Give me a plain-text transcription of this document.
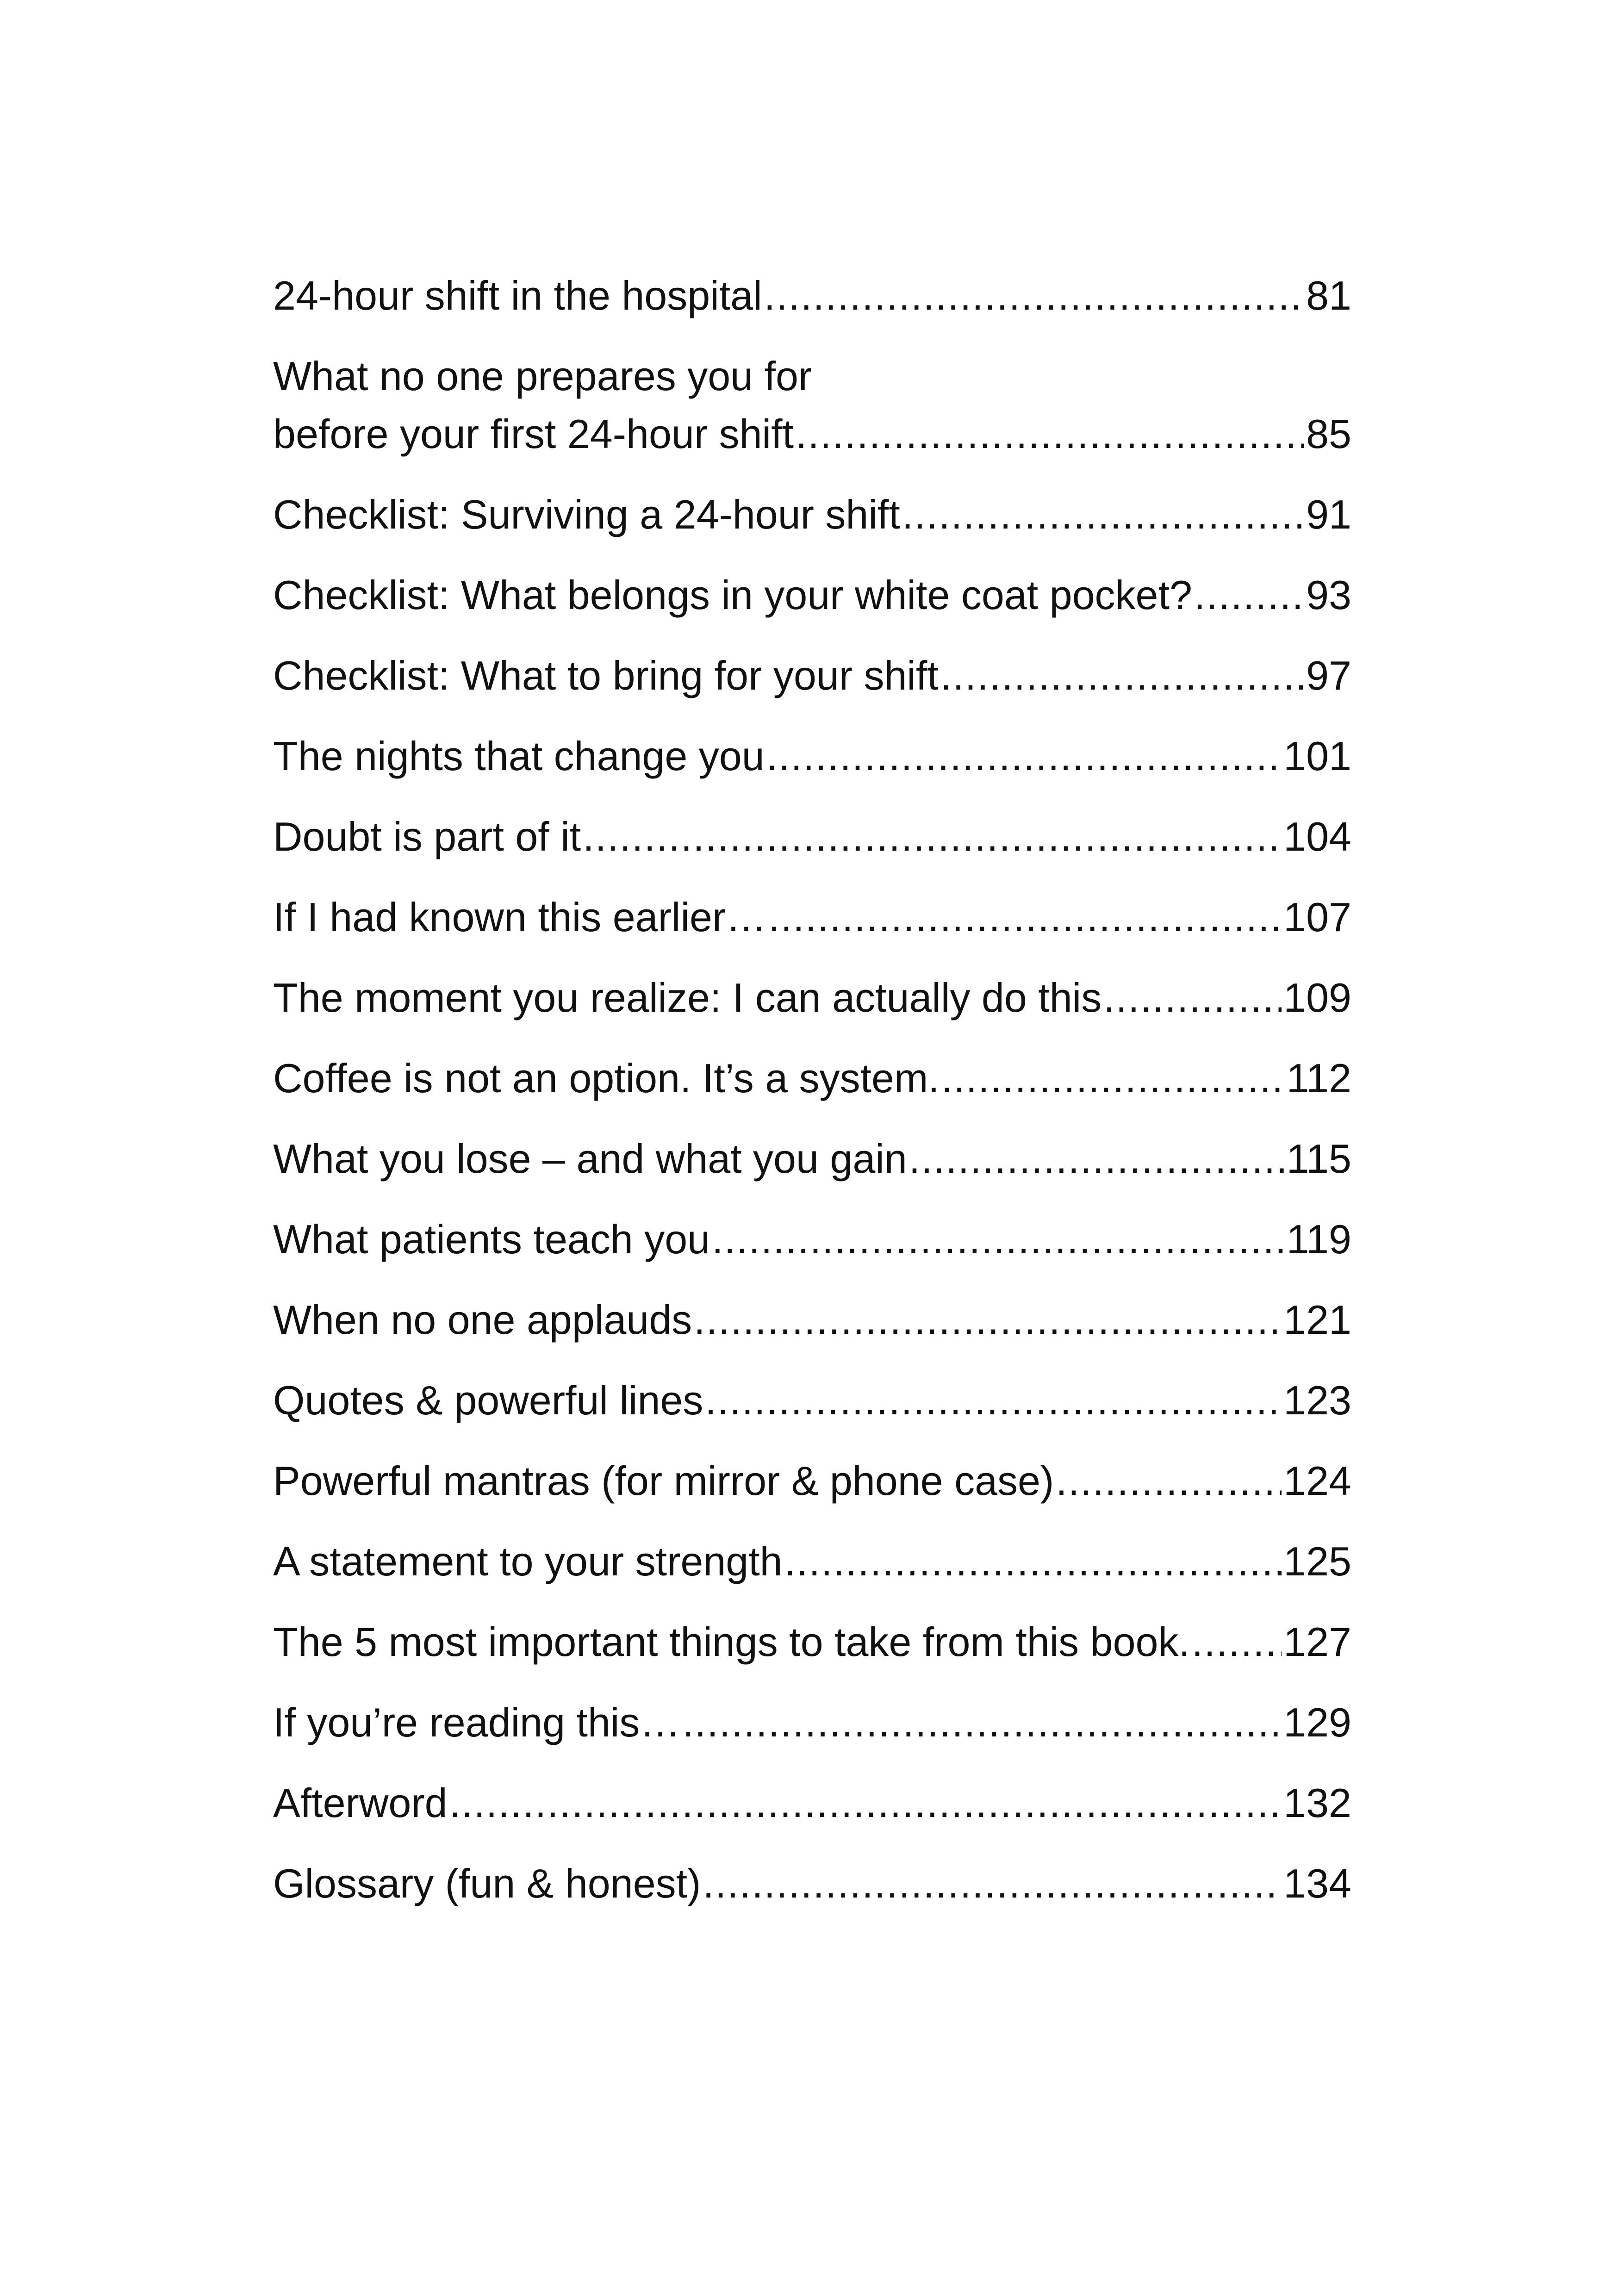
24-hour shift in the hospital .....	81
What no one prepares you for
before your first 24-hour shift .....	85
Checklist: Surviving a 24-hour shift .....	91
Checklist: What belongs in your white coat pocket? .....	93
Checklist: What to bring for your shift .....	97
The nights that change you .....	101
Doubt is part of it .....	104
If I had known this earlier… .....	107
The moment you realize: I can actually do this .....	109
Coffee is not an option. It’s a system. .....	112
What you lose – and what you gain .....	115
What patients teach you .....	119
When no one applauds .....	121
Quotes & powerful lines .....	123
Powerful mantras (for mirror & phone case) .....	124
A statement to your strength .....	125
The 5 most important things to take from this book. ..... 127
If you’re reading this… .....	129
Afterword .....	132
Glossary (fun & honest) .....	134
